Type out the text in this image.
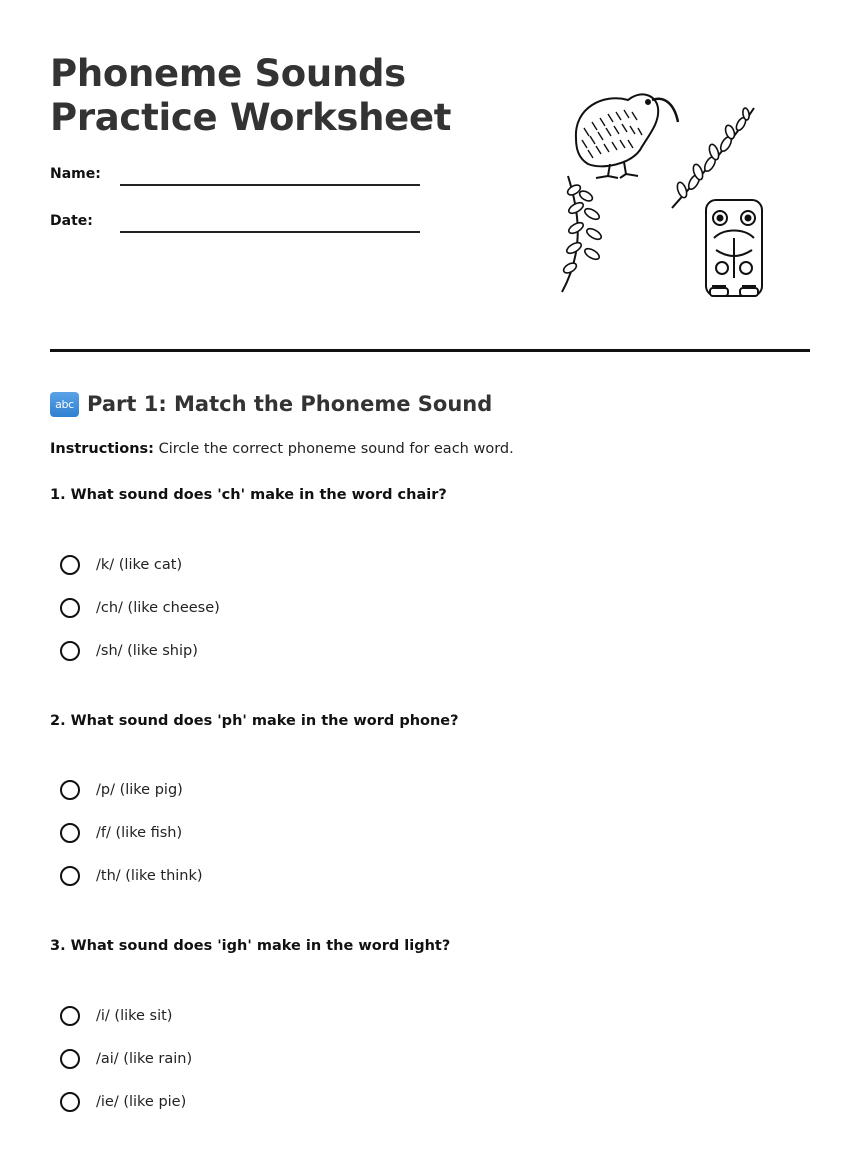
Phoneme Sounds
Practice Worksheet
Name:
Date:
abc Part 1: Match the Phoneme Sound
Instructions: Circle the correct phoneme sound for each word.
1. What sound does 'ch' make in the word chair?
/k/ (like cat)
/ch/ (like cheese)
/sh/ (like ship)
2. What sound does 'ph' make in the word phone?
/p/ (like pig)
/f/ (like fish)
/th/ (like think)
3. What sound does 'igh' make in the word light?
/i/ (like sit)
/ai/ (like rain)
/ie/ (like pie)
